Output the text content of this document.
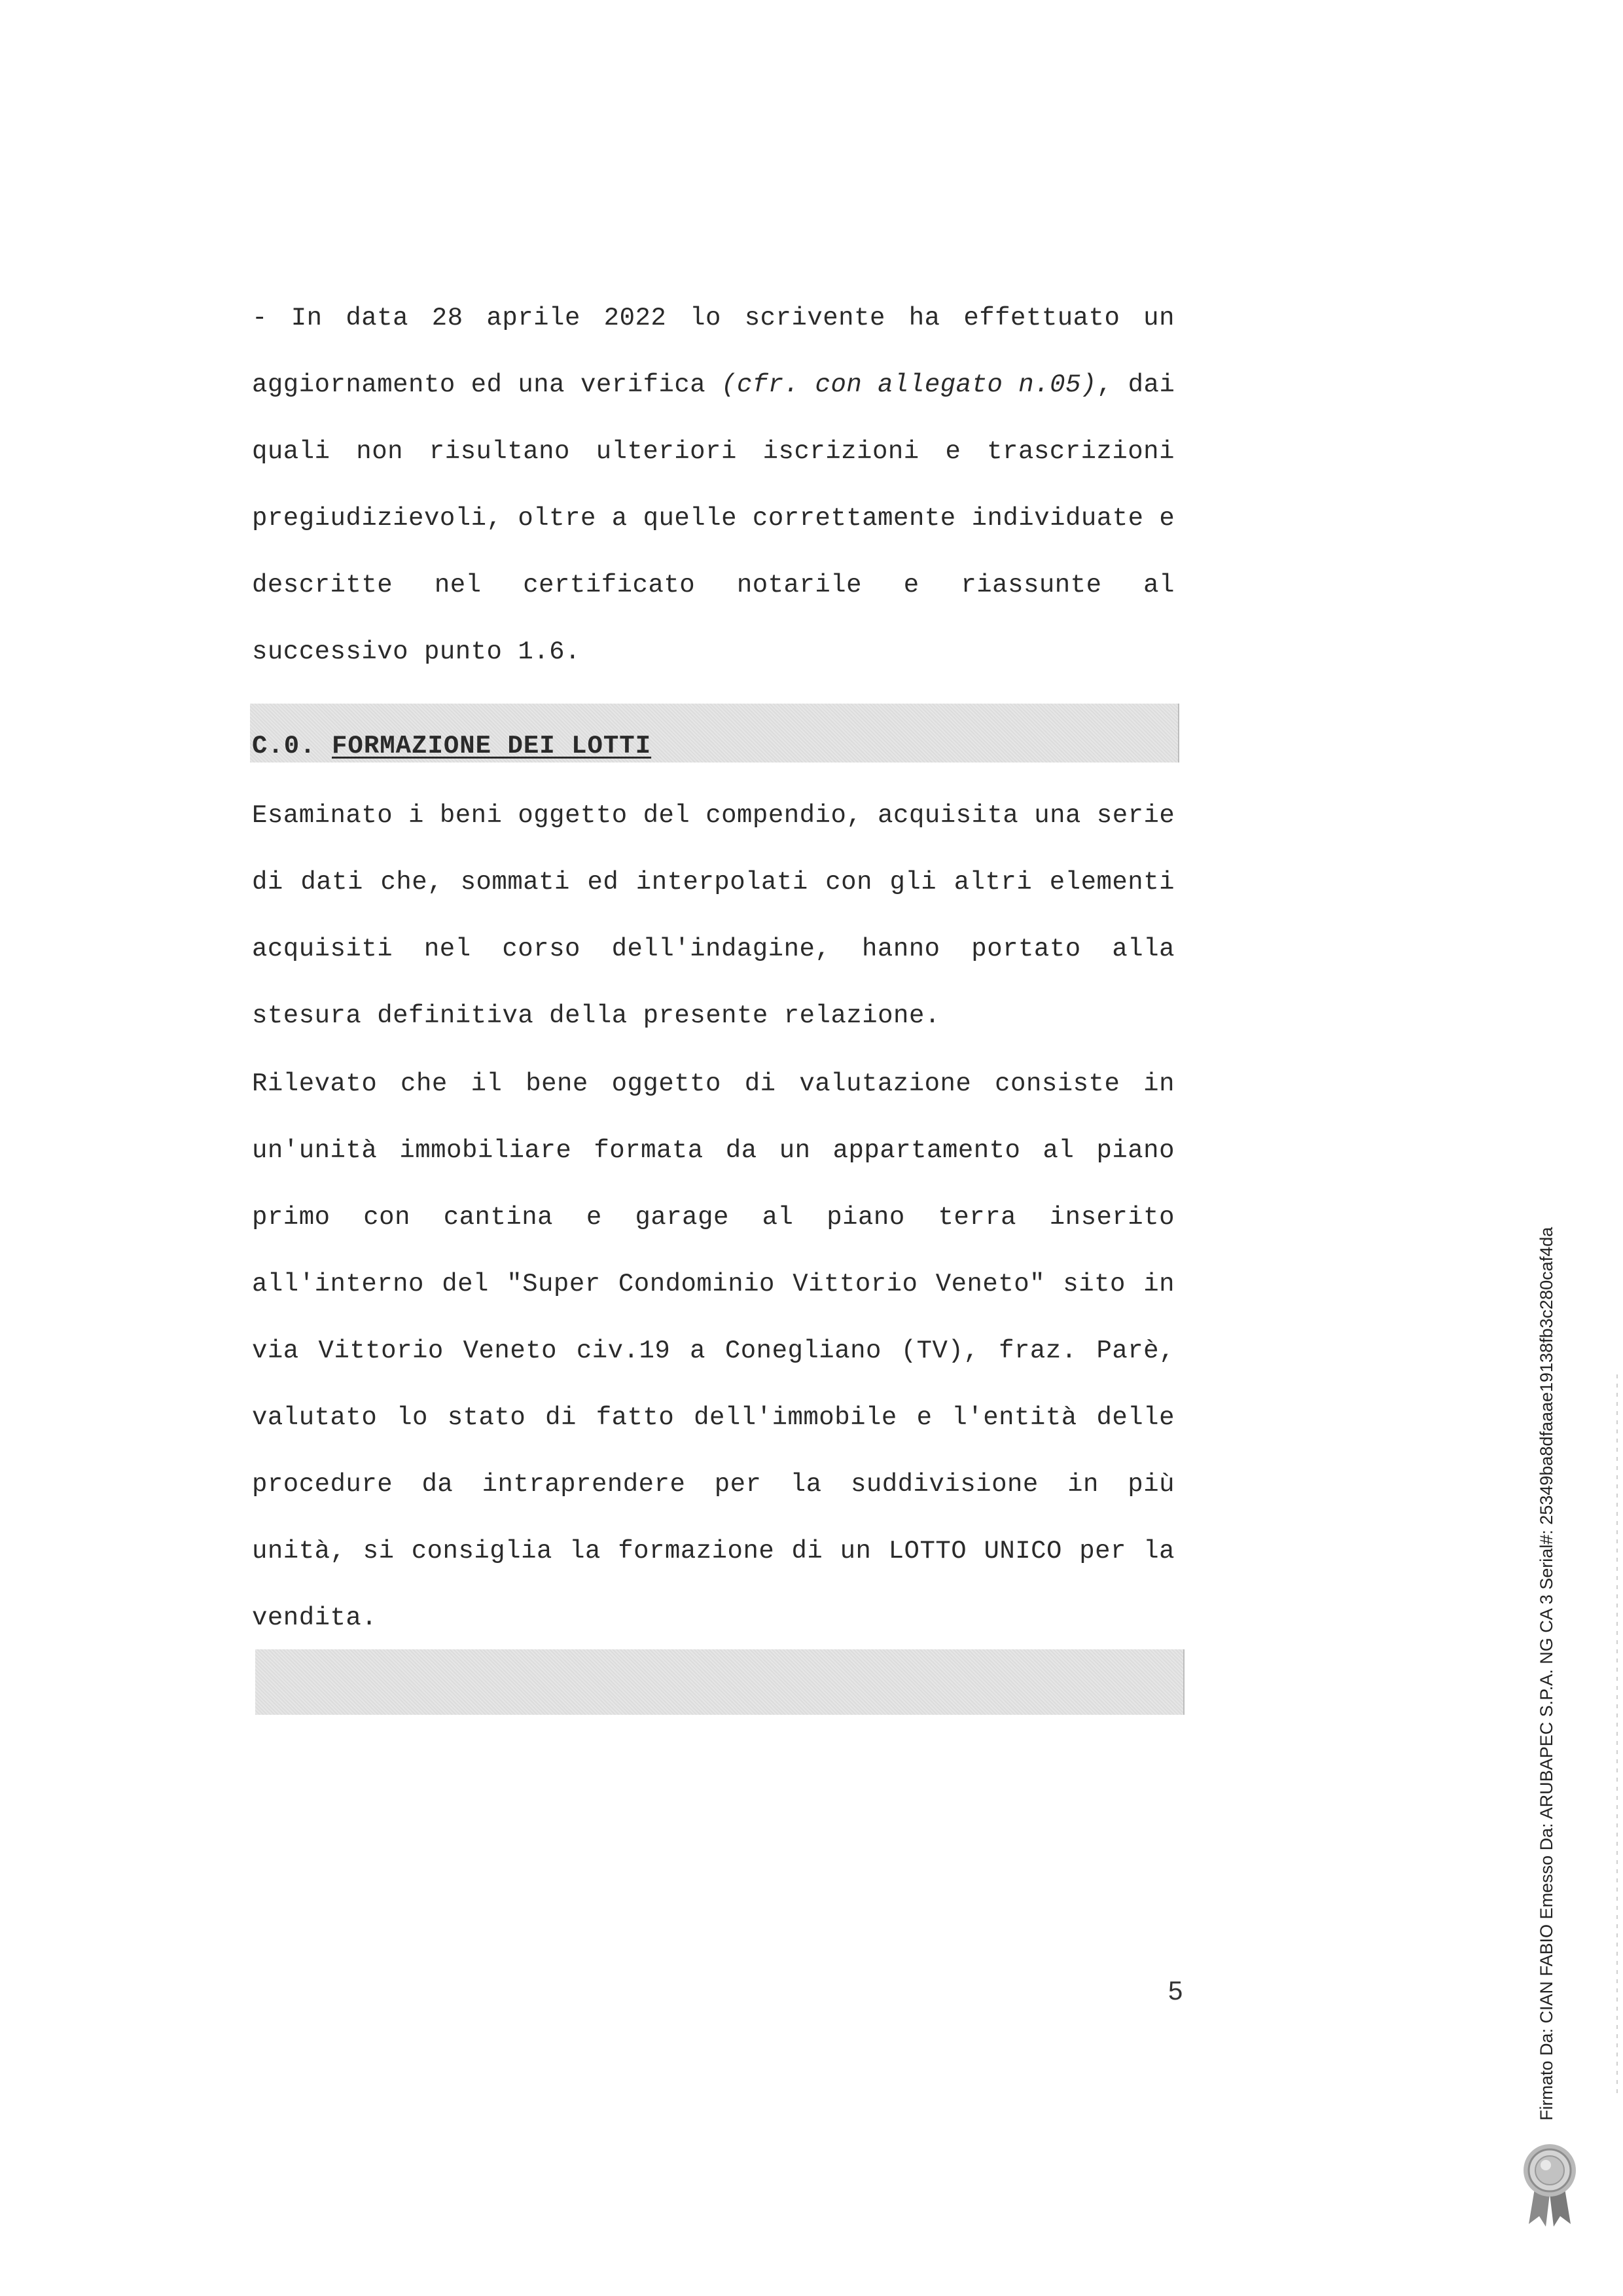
- In data 28 aprile 2022 lo scrivente ha effettuato un
aggiornamento ed una verifica (cfr. con allegato n.05), dai
quali non risultano ulteriori iscrizioni e trascrizioni
pregiudizievoli, oltre a quelle correttamente individuate e
descritte nel certificato notarile e riassunte al
successivo punto 1.6.
C.0. FORMAZIONE DEI LOTTI
Esaminato i beni oggetto del compendio, acquisita una serie
di dati che, sommati ed interpolati con gli altri elementi
acquisiti nel corso dell'indagine, hanno portato alla
stesura definitiva della presente relazione.
Rilevato che il bene oggetto di valutazione consiste in
un'unità immobiliare formata da un appartamento al piano
primo con cantina e garage al piano terra inserito
all'interno del "Super Condominio Vittorio Veneto" sito in
via Vittorio Veneto civ.19 a Conegliano (TV), fraz. Parè,
valutato lo stato di fatto dell'immobile e l'entità delle
procedure da intraprendere per la suddivisione in più
unità, si consiglia la formazione di un LOTTO UNICO per la
vendita.
5	Firmato Da: CIAN FABIO Emesso Da: ARUBAPEC S.P.A. NG CA 3 Serial#: 25349ba8dfaaae19138fb3c280caf4da
